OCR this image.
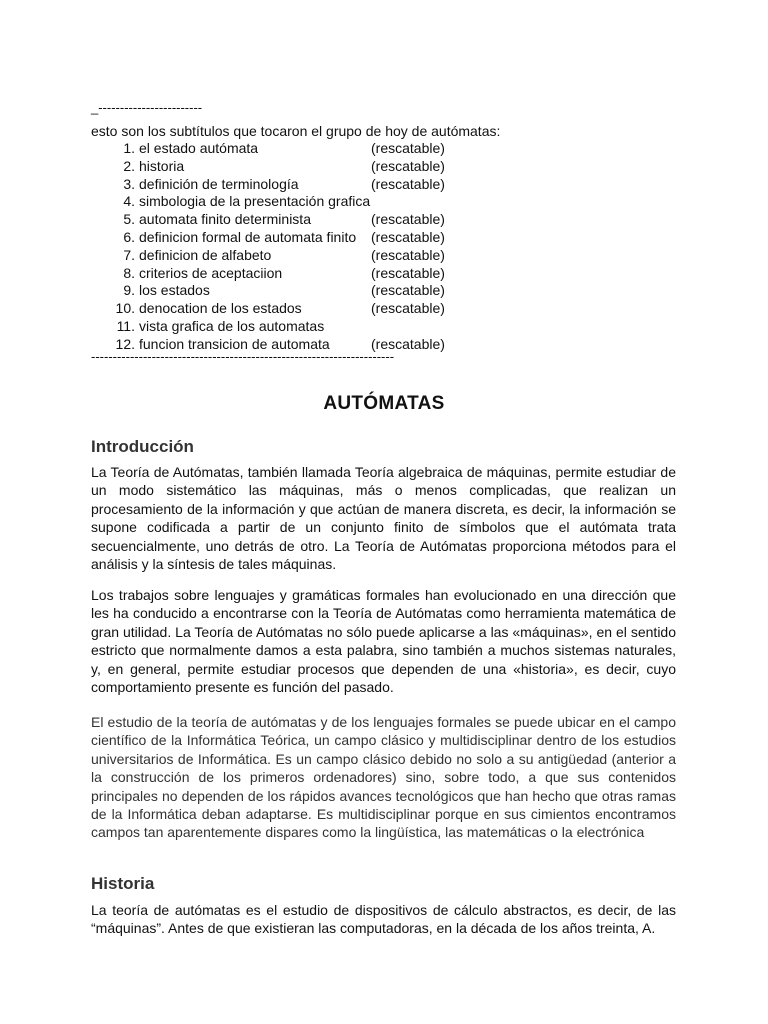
_------------------------
esto son los subtítulos que tocaron el grupo de hoy de autómatas:
1. el estado autómata	(rescatable)
2. historia	(rescatable)
3. definición de terminología	(rescatable)
4. simbologia de la presentación grafica
5. automata finito determinista	(rescatable)
6. definicion formal de automata finito (rescatable)
7. definicion de alfabeto	(rescatable)
8. criterios de aceptaciion	(rescatable)
9. los estados	(rescatable)
10. denocation de los estados	(rescatable)
11. vista grafica de los automatas
12. funcion transicion de automata	(rescatable)
----------------------------------------------------------------------
AUTÓMATAS
Introducción

La Teoría de Autómatas, también llamada Teoría algebraica de máquinas, permite estudiar de un modo sistemático las máquinas, más o menos complicadas, que realizan un procesamiento de la información y que actúan de manera discreta, es decir, la información se supone codificada a partir de un conjunto finito de símbolos que el autómata trata secuencialmente, uno detrás de otro. La Teoría de Autómatas proporciona métodos para el análisis y la síntesis de tales máquinas.

Los trabajos sobre lenguajes y gramáticas formales han evolucionado en una dirección que les ha conducido a encontrarse con la Teoría de Autómatas como herramienta matemática de gran utilidad. La Teoría de Autómatas no sólo puede aplicarse a las «máquinas», en el sentido estricto que normalmente damos a esta palabra, sino también a muchos sistemas naturales, y, en general, permite estudiar procesos que dependen de una «historia», es decir, cuyo comportamiento presente es función del pasado.

El estudio de la teoría de autómatas y de los lenguajes formales se puede ubicar en el campo científico de la Informática Teórica, un campo clásico y multidisciplinar dentro de los estudios universitarios de Informática. Es un campo clásico debido no solo a su antigüedad (anterior a la construcción de los primeros ordenadores) sino, sobre todo, a que sus contenidos principales no dependen de los rápidos avances tecnológicos que han hecho que otras ramas de la Informática deban adaptarse. Es multidisciplinar porque en sus cimientos encontramos campos tan aparentemente dispares como la lingüística, las matemáticas o la electrónica

Historia

La teoría de autómatas es el estudio de dispositivos de cálculo abstractos, es decir, de las “máquinas”. Antes de que existieran las computadoras, en la década de los años treinta, A.
